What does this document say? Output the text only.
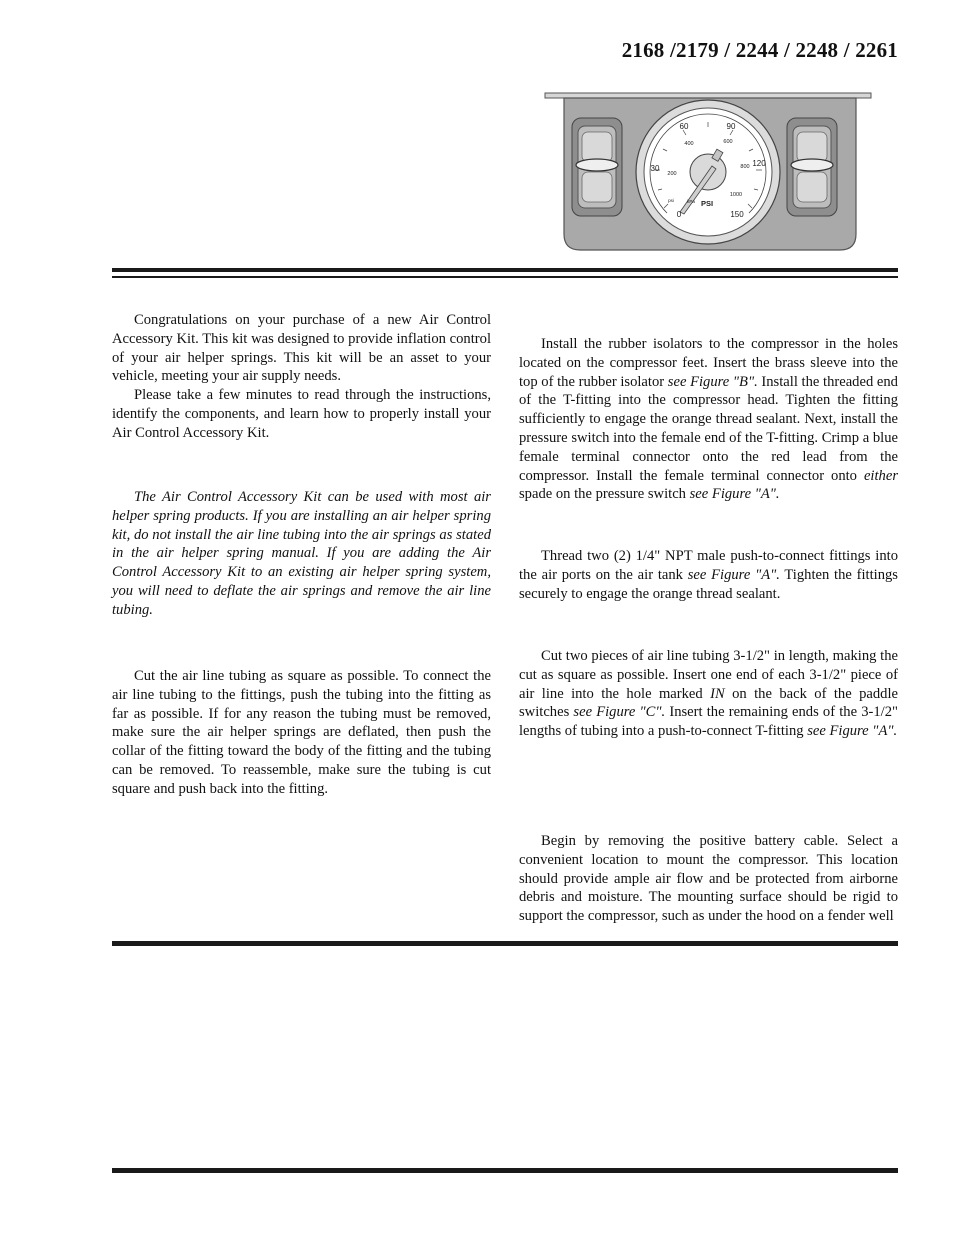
2168 /2179 / 2244 / 2248 / 2261
0
30
60	90
120
150
200
400	600
800
1000
PSI
psi	kPa

Congratulations on your purchase of a new Air Control Accessory Kit. This kit was designed to provide inflation control of your air helper springs. This kit will be an asset to your vehicle, meeting your air supply needs.

Please take a few minutes to read through the instructions, identify the components, and learn how to properly install your Air Control Accessory Kit.

The Air Control Accessory Kit can be used with most air helper spring products. If you are installing an air helper spring kit, do not install the air line tubing into the air springs as stated in the air helper spring manual. If you are adding the Air Control Accessory Kit to an existing air helper spring system, you will need to deflate the air springs and remove the air line tubing.

Cut the air line tubing as square as possible. To connect the air line tubing to the fittings, push the tubing into the fitting as far as possible. If for any reason the tubing must be removed, make sure the air helper springs are deflated, then push the collar of the fitting toward the body of the fitting and the tubing can be removed. To reassemble, make sure the tubing is cut square and push back into the fitting.

Install the rubber isolators to the compressor in the holes located on the compressor feet. Insert the brass sleeve into the top of the rubber isolator see Figure "B". Install the threaded end of the T-fitting into the compressor head. Tighten the fitting sufficiently to engage the orange thread sealant. Next, install the pressure switch into the female end of the T-fitting. Crimp a blue female terminal connector onto the red lead from the compressor. Install the female terminal connector onto either spade on the pressure switch see Figure "A".

Thread two (2) 1/4" NPT male push-to-connect fittings into the air ports on the air tank see Figure "A". Tighten the fittings securely to engage the orange thread sealant.

Cut two pieces of air line tubing 3-1/2" in length, making the cut as square as possible. Insert one end of each 3-1/2" piece of air line into the hole marked IN on the back of the paddle switches see Figure "C". Insert the remaining ends of the 3-1/2" lengths of tubing into a push-to-connect T-fitting see Figure "A".

Begin by removing the positive battery cable. Select a convenient location to mount the compressor. This location should provide ample air flow and be protected from airborne debris and moisture. The mounting surface should be rigid to support the compressor, such as under the hood on a fender well
